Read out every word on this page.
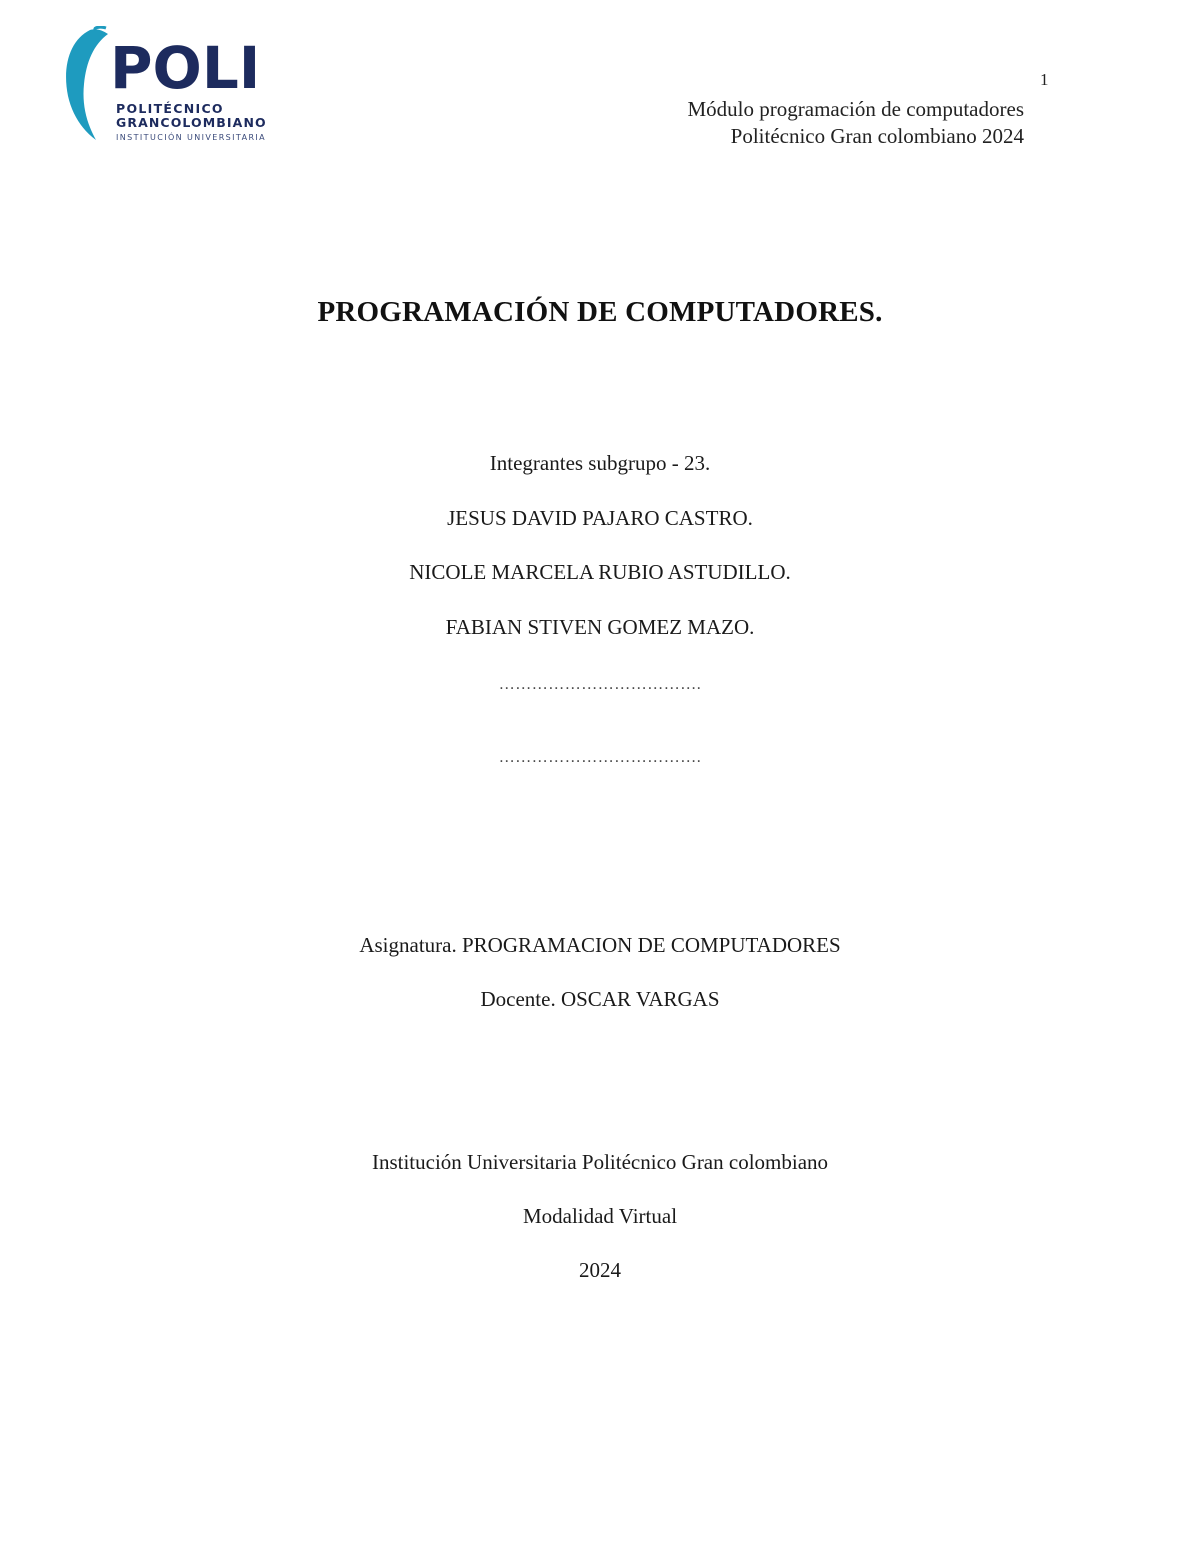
POLI
POLITÉCNICO
GRANCOLOMBIANO
INSTITUCIÓN UNIVERSITARIA
1
Módulo programación de computadores
Politécnico Gran colombiano 2024
PROGRAMACIÓN DE COMPUTADORES.
Integrantes subgrupo - 23.
JESUS DAVID PAJARO CASTRO.
NICOLE MARCELA RUBIO ASTUDILLO.
FABIAN STIVEN GOMEZ MAZO.
……………………………….
……………………………….
Asignatura. PROGRAMACION DE COMPUTADORES
Docente. OSCAR VARGAS
Institución Universitaria Politécnico Gran colombiano
Modalidad Virtual
2024
